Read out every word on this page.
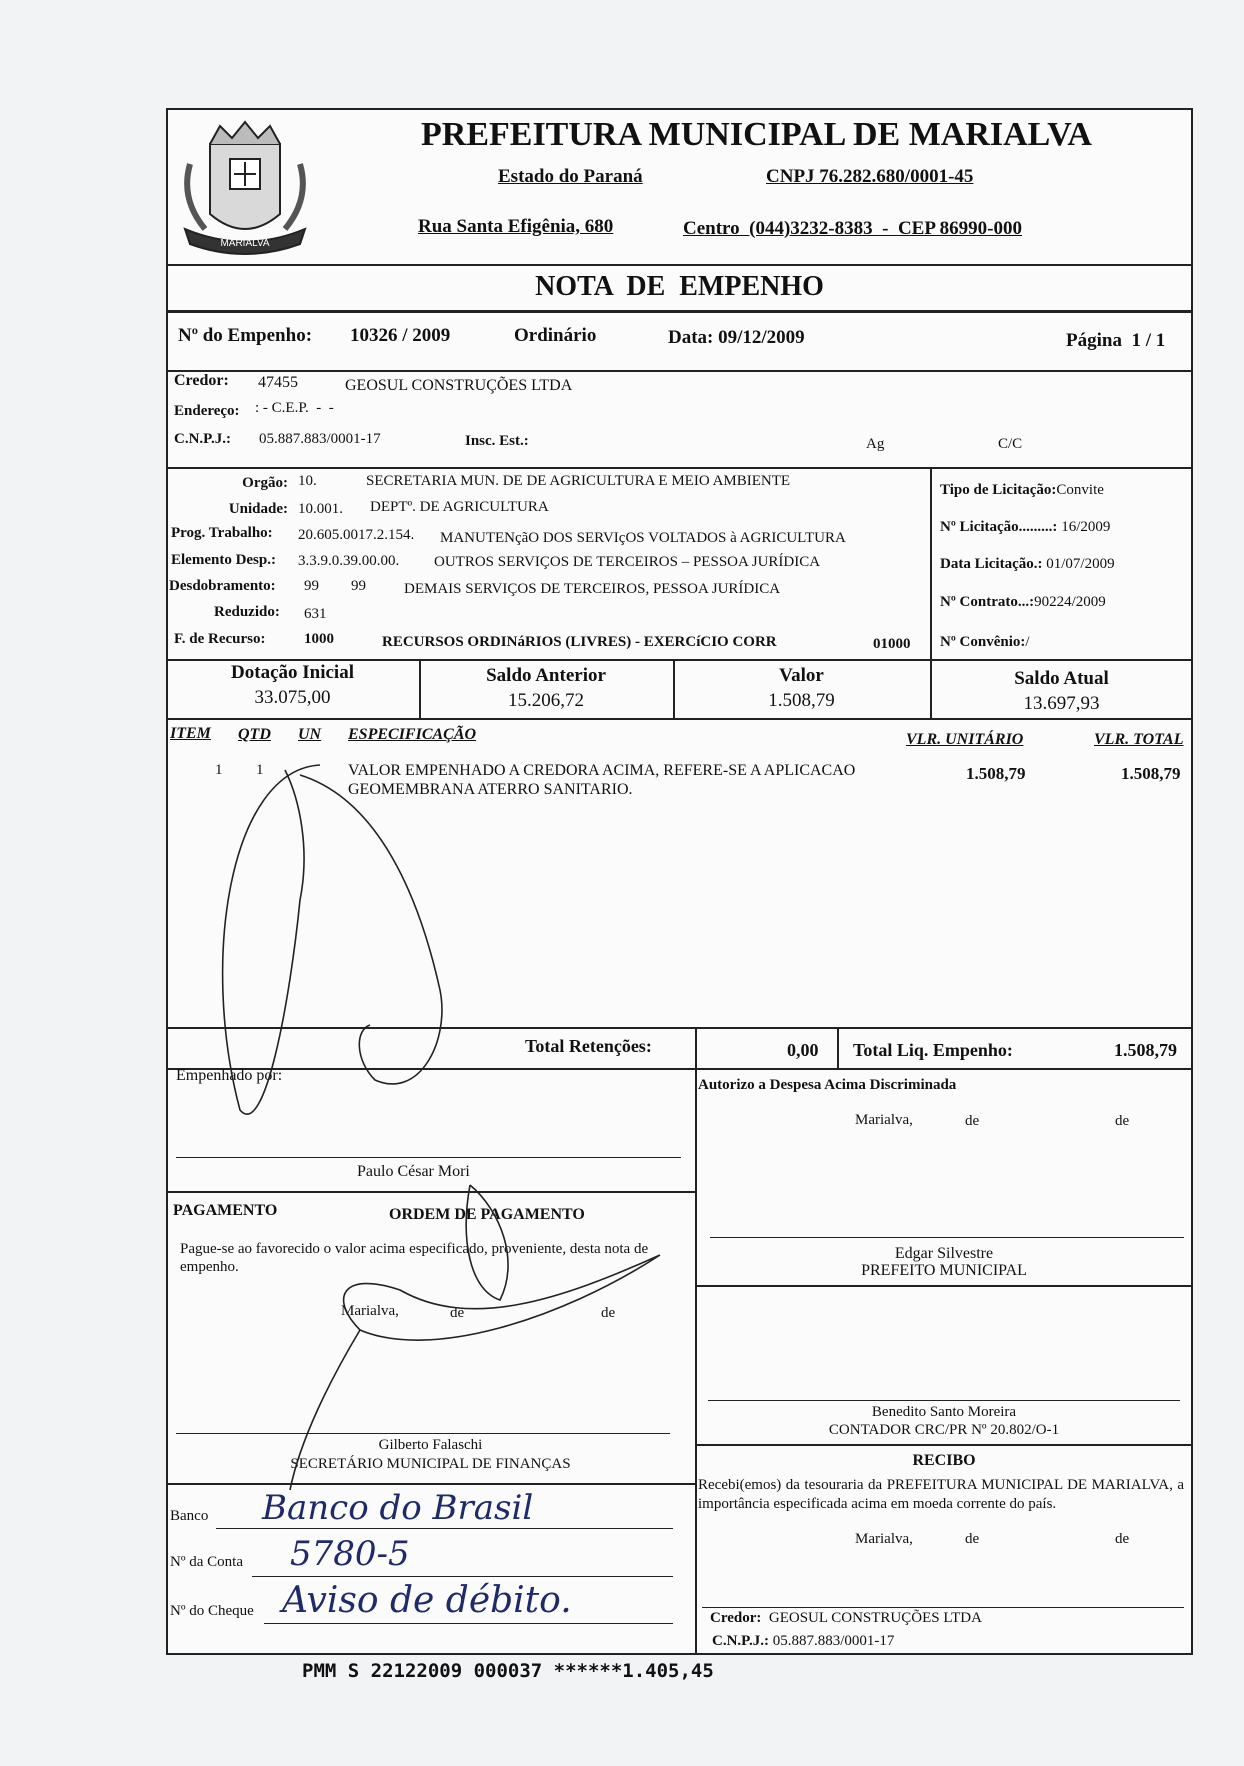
MARIALVA
PREFEITURA MUNICIPAL DE MARIALVA
Estado do Paraná	CNPJ 76.282.680/0001-45
Rua Santa Efigênia, 680	Centro  (044)3232-8383  -  CEP 86990-000
NOTA  DE  EMPENHO
Nº do Empenho: 10326 / 2009	Ordinário	Data: 09/12/2009	Página  1 / 1
Credor: 47455	GEOSUL CONSTRUÇÕES LTDA
Endereço: : - C.E.P.  -  -
C.N.P.J.: 05.887.883/0001-17	Insc. Est.:	Ag	C/C
Orgão: 10.	SECRETARIA MUN. DE DE AGRICULTURA E MEIO AMBIENTE
Unidade: 10.001. DEPTº. DE AGRICULTURA
Prog. Trabalho: 20.605.0017.2.154. MANUTENçãO DOS SERVIçOS VOLTADOS à AGRICULTURA
Elemento Desp.: 3.3.9.0.39.00.00. OUTROS SERVIÇOS DE TERCEIROS – PESSOA JURÍDICA
Desdobramento: 99 99	DEMAIS SERVIÇOS DE TERCEIROS, PESSOA JURÍDICA
Reduzido: 631
F. de Recurso:	1000	RECURSOS ORDINáRIOS (LIVRES) - EXERCíCIO CORR	01000
Tipo de Licitação:Convite
Nº Licitação.........: 16/2009
Data Licitação.: 01/07/2009
Nº Contrato...:90224/2009
Nº Convênio:/
Dotação Inicial
33.075,00
Saldo Anterior
15.206,72
Valor
1.508,79
Saldo Atual
13.697,93
ITEM QTD UN ESPECIFICAÇÃO	VLR. UNITÁRIO	VLR. TOTAL
1 1	VALOR EMPENHADO A CREDORA ACIMA, REFERE-SE A APLICACAO
GEOMEMBRANA ATERRO SANITARIO.
1.508,79	1.508,79
Total Retenções:	0,00 Total Liq. Empenho:	1.508,79
Empenhado por:
Paulo César Mori
Autorizo a Despesa Acima Discriminada
Marialva,	de	de
Edgar Silvestre
PREFEITO MUNICIPAL
Benedito Santo Moreira
CONTADOR CRC/PR Nº 20.802/O-1
RECIBO
Recebi(emos) da tesouraria da PREFEITURA MUNICIPAL DE MARIALVA, a importância especificada acima em moeda corrente do país.
Marialva,	de	de
Credor: GEOSUL CONSTRUÇÕES LTDA
C.N.P.J.: 05.887.883/0001-17
PAGAMENTO	ORDEM DE PAGAMENTO
Pague-se ao favorecido o valor acima especificado, proveniente, desta nota de empenho.
Marialva,	de	de
Gilberto Falaschi
SECRETÁRIO MUNICIPAL DE FINANÇAS
Banco Banco do Brasil
Nº da Conta 5780-5
Nº do Cheque Aviso de débito.
PMM S 22122009 000037 ******1.405,45
